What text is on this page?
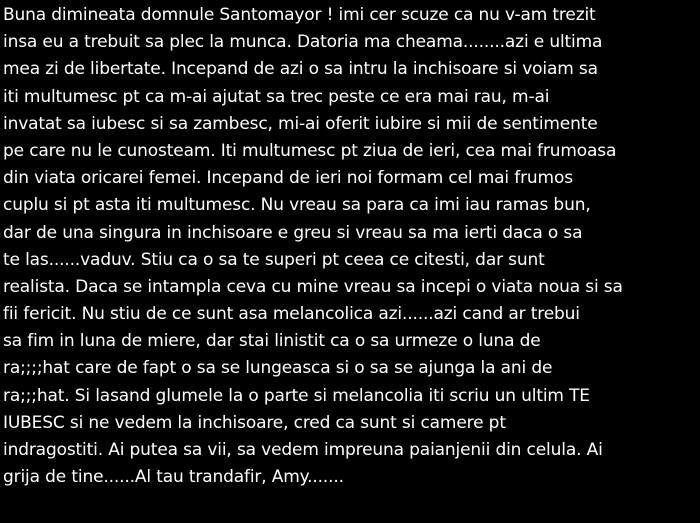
Buna dimineata domnule Santomayor ! imi cer scuze ca nu v-am trezit
insa eu a trebuit sa plec la munca. Datoria ma cheama........azi e ultima
mea zi de libertate. Incepand de azi o sa intru la inchisoare si voiam sa
iti multumesc pt ca m-ai ajutat sa trec peste ce era mai rau, m-ai
invatat sa iubesc si sa zambesc, mi-ai oferit iubire si mii de sentimente
pe care nu le cunosteam. Iti multumesc pt ziua de ieri, cea mai frumoasa
din viata oricarei femei. Incepand de ieri noi formam cel mai frumos
cuplu si pt asta iti multumesc. Nu vreau sa para ca imi iau ramas bun,
dar de una singura in inchisoare e greu si vreau sa ma ierti daca o sa
te las......vaduv. Stiu ca o sa te superi pt ceea ce citesti, dar sunt
realista. Daca se intampla ceva cu mine vreau sa incepi o viata noua si sa
fii fericit. Nu stiu de ce sunt asa melancolica azi......azi cand ar trebui
sa fim in luna de miere, dar stai linistit ca o sa urmeze o luna de
ra;;;;hat care de fapt o sa se lungeasca si o sa se ajunga la ani de
ra;;;hat. Si lasand glumele la o parte si melancolia iti scriu un ultim TE
IUBESC si ne vedem la inchisoare, cred ca sunt si camere pt
indragostiti. Ai putea sa vii, sa vedem impreuna paianjenii din celula. Ai
grija de tine......Al tau trandafir, Amy.......
